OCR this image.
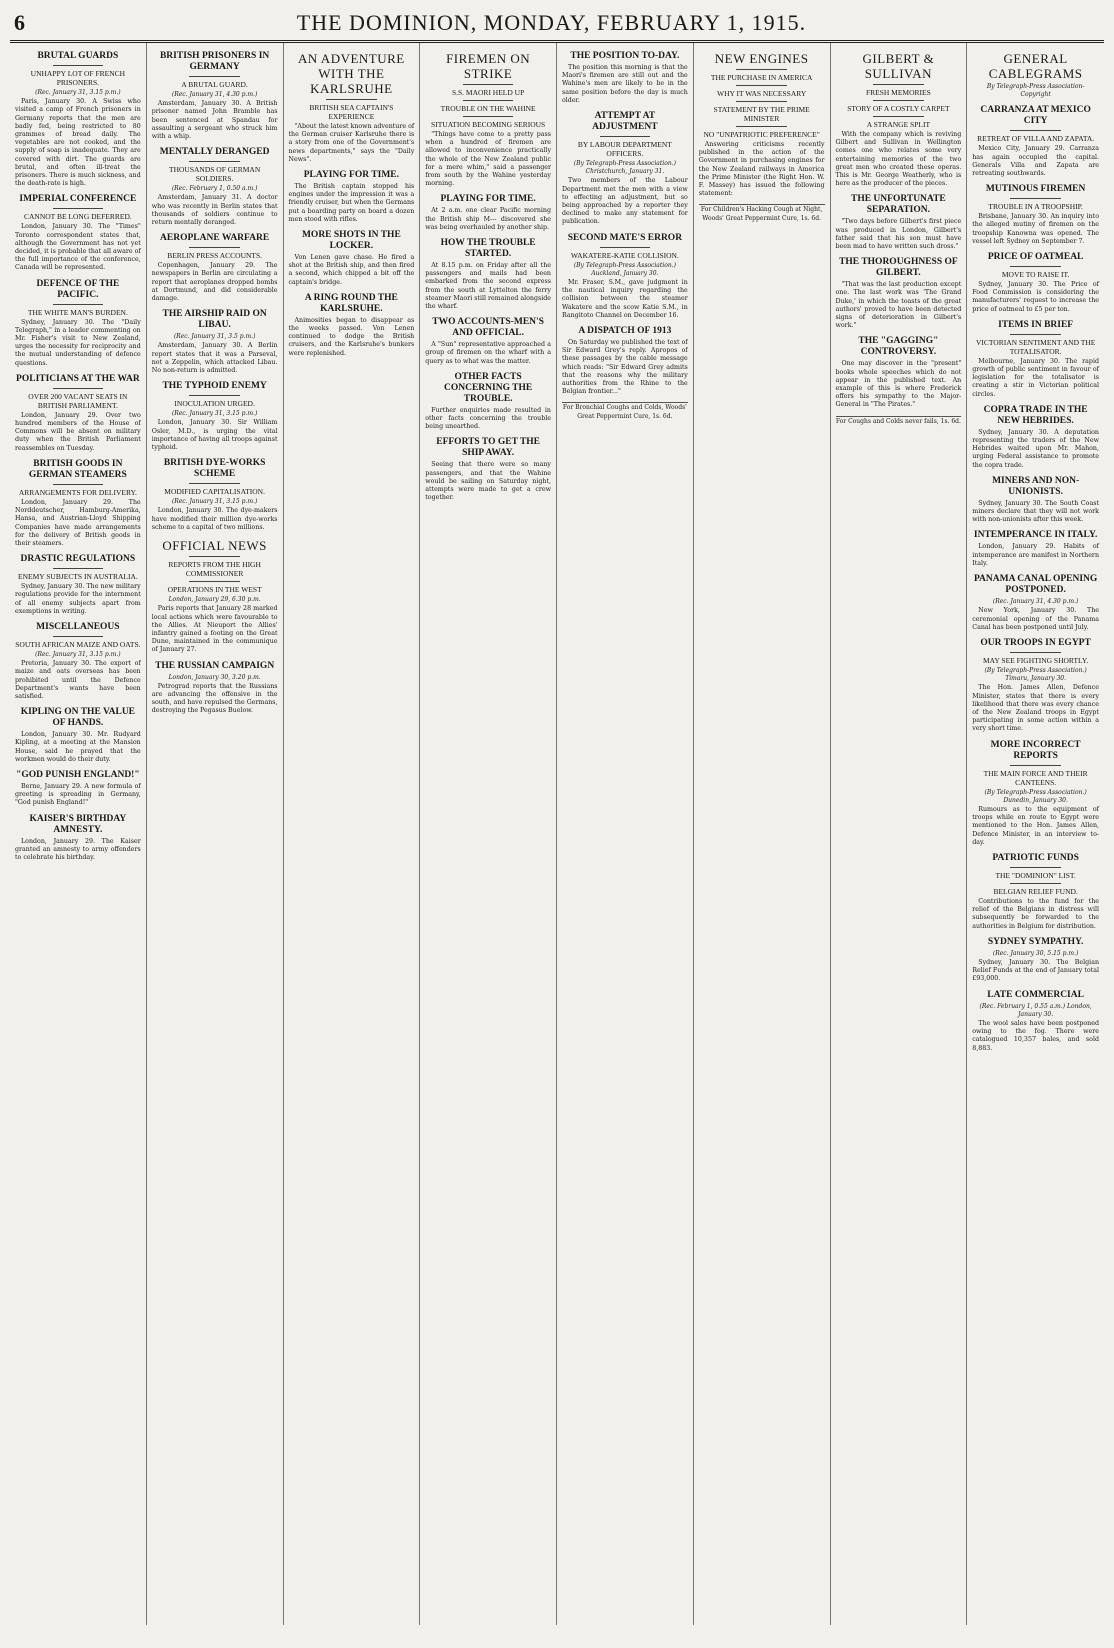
6	THE DOMINION, MONDAY, FEBRUARY 1, 1915.
BRUTAL GUARDS
UNHAPPY LOT OF FRENCH PRISONERS.
(Rec. January 31, 3.15 p.m.)

Paris, January 30. A Swiss who visited a camp of French prisoners in Germany reports that the men are badly fed, being restricted to 80 grammes of bread daily. The vegetables are not cooked, and the supply of soap is inadequate. They are covered with dirt. The guards are brutal, and often ill-treat the prisoners. There is much sickness, and the death-rate is high.

IMPERIAL CONFERENCE
CANNOT BE LONG DEFERRED.

London, January 30. The "Times" Toronto correspondent states that, although the Government has not yet decided, it is probable that all aware of the full importance of the conference, Canada will be represented.

DEFENCE OF THE PACIFIC.
THE WHITE MAN'S BURDEN.

Sydney, January 30. The "Daily Telegraph," in a leader commenting on Mr. Fisher's visit to New Zealand, urges the necessity for reciprocity and the mutual understanding of defence questions.

POLITICIANS AT THE WAR
OVER 200 VACANT SEATS IN BRITISH PARLIAMENT.

London, January 29. Over two hundred members of the House of Commons will be absent on military duty when the British Parliament reassembles on Tuesday.

BRITISH GOODS IN GERMAN STEAMERS
ARRANGEMENTS FOR DELIVERY.

London, January 29. The Norddeutscher, Hamburg-Amerika, Hansa, and Austrian-Lloyd Shipping Companies have made arrangements for the delivery of British goods in their steamers.

DRASTIC REGULATIONS
ENEMY SUBJECTS IN AUSTRALIA.

Sydney, January 30. The new military regulations provide for the internment of all enemy subjects apart from exemptions in writing.

MISCELLANEOUS
SOUTH AFRICAN MAIZE AND OATS.
(Rec. January 31, 3.15 p.m.)

Pretoria, January 30. The export of maize and oats overseas has been prohibited until the Defence Department's wants have been satisfied.

KIPLING ON THE VALUE OF HANDS.

London, January 30. Mr. Rudyard Kipling, at a meeting at the Mansion House, said he prayed that the workmen would do their duty.

"GOD PUNISH ENGLAND!"

Berne, January 29. A new formula of greeting is spreading in Germany, "God punish England!"

KAISER'S BIRTHDAY AMNESTY.

London, January 29. The Kaiser granted an amnesty to army offenders to celebrate his birthday.

BRITISH PRISONERS IN GERMANY
A BRUTAL GUARD.
(Rec. January 31, 4.30 p.m.)

Amsterdam, January 30. A British prisoner named John Bramble has been sentenced at Spandau for assaulting a sergeant who struck him with a whip.

MENTALLY DERANGED
THOUSANDS OF GERMAN SOLDIERS.
(Rec. February 1, 0.50 a.m.)

Amsterdam, January 31. A doctor who was recently in Berlin states that thousands of soldiers continue to return mentally deranged.

AEROPLANE WARFARE
BERLIN PRESS ACCOUNTS.

Copenhagen, January 29. The newspapers in Berlin are circulating a report that aeroplanes dropped bombs at Dortmund, and did considerable damage.

THE AIRSHIP RAID ON LIBAU.
(Rec. January 31, 3.5 p.m.)

Amsterdam, January 30. A Berlin report states that it was a Parseval, not a Zeppelin, which attacked Libau. No non-return is admitted.

THE TYPHOID ENEMY
INOCULATION URGED.
(Rec. January 31, 3.15 p.m.)

London, January 30. Sir William Osler, M.D., is urging the vital importance of having all troops against typhoid.

BRITISH DYE-WORKS SCHEME
MODIFIED CAPITALISATION.
(Rec. January 31, 3.15 p.m.)

London, January 30. The dye-makers have modified their million dye-works scheme to a capital of two millions.

OFFICIAL NEWS
REPORTS FROM THE HIGH COMMISSIONER
OPERATIONS IN THE WEST
London, January 29, 6.30 p.m.

Paris reports that January 28 marked local actions which were favourable to the Allies. At Nieuport the Allies' infantry gained a footing on the Great Dune, maintained in the communique of January 27.

THE RUSSIAN CAMPAIGN
London, January 30, 3.20 p.m.

Petrograd reports that the Russians are advancing the offensive in the south, and have repulsed the Germans, destroying the Pegasus Buelow.

AN ADVENTURE WITH THE KARLSRUHE
BRITISH SEA CAPTAIN'S EXPERIENCE

"About the latest known adventure of the German cruiser Karlsruhe there is a story from one of the Government's news departments," says the "Daily News".

PLAYING FOR TIME.

The British captain stopped his engines under the impression it was a friendly cruiser, but when the Germans put a boarding party on board a dozen men stood with rifles.

MORE SHOTS IN THE LOCKER.

Von Lenen gave chase. He fired a shot at the British ship, and then fired a second, which chipped a bit off the captain's bridge.

A RING ROUND THE KARLSRUHE.

Animosities began to disappear as the weeks passed. Von Lenen continued to dodge the British cruisers, and the Karlsruhe's bunkers were replenished.

FIREMEN ON STRIKE
S.S. MAORI HELD UP
TROUBLE ON THE WAHINE
SITUATION BECOMING SERIOUS

"Things have come to a pretty pass when a hundred of firemen are allowed to inconvenience practically the whole of the New Zealand public for a mere whim," said a passenger from south by the Wahine yesterday morning.

PLAYING FOR TIME.

At 2 a.m. one clear Pacific morning the British ship M--- discovered she was being overhauled by another ship.

HOW THE TROUBLE STARTED.

At 8.15 p.m. on Friday after all the passengers and mails had been embarked from the second express from the south at Lyttelton the ferry steamer Maori still remained alongside the wharf.

TWO ACCOUNTS-MEN'S AND OFFICIAL.

A "Sun" representative approached a group of firemen on the wharf with a query as to what was the matter.

OTHER FACTS CONCERNING THE TROUBLE.

Further enquiries made resulted in other facts concerning the trouble being unearthed.

EFFORTS TO GET THE SHIP AWAY.

Seeing that there were so many passengers, and that the Wahine would be sailing on Saturday night, attempts were made to get a crew together.

THE POSITION TO-DAY.

The position this morning is that the Maori's firemen are still out and the Wahine's men are likely to be in the same position before the day is much older.

ATTEMPT AT ADJUSTMENT
BY LABOUR DEPARTMENT OFFICERS.
(By Telegraph-Press Association.) Christchurch, January 31.

Two members of the Labour Department met the men with a view to effecting an adjustment, but so being approached by a reporter they declined to make any statement for publication.

SECOND MATE'S ERROR
WAKATERE-KATIE COLLISION.
(By Telegraph-Press Association.) Auckland, January 30.

Mr. Fraser, S.M., gave judgment in the nautical inquiry regarding the collision between the steamer Wakatere and the scow Katie S.M., in Rangitoto Channel on December 16.

A DISPATCH OF 1913

On Saturday we published the text of Sir Edward Grey's reply. Apropos of these passages by the cable message which reads: "Sir Edward Grey admits that the reasons why the military authorities from the Rhine to the Belgian frontier..."

For Bronchial Coughs and Colds, Woods' Great Peppermint Cure, 1s. 6d.
NEW ENGINES
THE PURCHASE IN AMERICA
WHY IT WAS NECESSARY
STATEMENT BY THE PRIME MINISTER
NO "UNPATRIOTIC PREFERENCE"

Answering criticisms recently published in the action of the Government in purchasing engines for the New Zealand railways in America the Prime Minister (the Right Hon. W. F. Massey) has issued the following statement:

For Children's Hacking Cough at Night, Woods' Great Peppermint Cure, 1s. 6d.
GILBERT & SULLIVAN
FRESH MEMORIES
STORY OF A COSTLY CARPET
A STRANGE SPLIT

With the company which is reviving Gilbert and Sullivan in Wellington comes one who relates some very entertaining memories of the two great men who created these operas. This is Mr. George Weatherly, who is here as the producer of the pieces.

THE UNFORTUNATE SEPARATION.

"Two days before Gilbert's first piece was produced in London, Gilbert's father said that his son must have been mad to have written such dross."

THE THOROUGHNESS OF GILBERT.

"That was the last production except one. The last work was 'The Grand Duke,' in which the toasts of the great authors' proved to have been detected signs of deterioration in Gilbert's work."

THE "GAGGING" CONTROVERSY.

One may discover in the "present" books whole speeches which do not appear in the published text. An example of this is where Frederick offers his sympathy to the Major-General in "The Pirates."

For Coughs and Colds never fails, 1s. 6d.
GENERAL CABLEGRAMS
By Telegraph-Press Association-Copyright
CARRANZA AT MEXICO CITY
RETREAT OF VILLA AND ZAPATA.

Mexico City, January 29. Carranza has again occupied the capital. Generals Villa and Zapata are retreating southwards.

MUTINOUS FIREMEN
TROUBLE IN A TROOPSHIP.

Brisbane, January 30. An inquiry into the alleged mutiny of firemen on the troopship Kanowna was opened. The vessel left Sydney on September 7.

PRICE OF OATMEAL
MOVE TO RAISE IT.

Sydney, January 30. The Price of Food Commission is considering the manufacturers' request to increase the price of oatmeal to £5 per ton.

ITEMS IN BRIEF
VICTORIAN SENTIMENT AND THE TOTALISATOR.

Melbourne, January 30. The rapid growth of public sentiment in favour of legislation for the totalisator is creating a stir in Victorian political circles.

COPRA TRADE IN THE NEW HEBRIDES.

Sydney, January 30. A deputation representing the traders of the New Hebrides waited upon Mr. Mahon, urging Federal assistance to promote the copra trade.

MINERS AND NON-UNIONISTS.

Sydney, January 30. The South Coast miners declare that they will not work with non-unionists after this week.

INTEMPERANCE IN ITALY.

London, January 29. Habits of intemperance are manifest in Northern Italy.

PANAMA CANAL OPENING POSTPONED.
(Rec. January 31, 4.30 p.m.)

New York, January 30. The ceremonial opening of the Panama Canal has been postponed until July.

OUR TROOPS IN EGYPT
MAY SEE FIGHTING SHORTLY.
(By Telegraph-Press Association.) Timaru, January 30.

The Hon. James Allen, Defence Minister, states that there is every likelihood that there was every chance of the New Zealand troops in Egypt participating in some action within a very short time.

MORE INCORRECT REPORTS
THE MAIN FORCE AND THEIR CANTEENS.
(By Telegraph-Press Association.) Dunedin, January 30.

Rumours as to the equipment of troops while en route to Egypt were mentioned to the Hon. James Allen, Defence Minister, in an interview to-day.

PATRIOTIC FUNDS
THE "DOMINION" LIST.
BELGIAN RELIEF FUND.

Contributions to the fund for the relief of the Belgians in distress will subsequently be forwarded to the authorities in Belgium for distribution.

SYDNEY SYMPATHY.
(Rec. January 30, 5.15 p.m.)

Sydney, January 30. The Belgian Relief Funds at the end of January total £93,000.

LATE COMMERCIAL
(Rec. February 1, 0.55 a.m.) London, January 30.

The wool sales have been postponed owing to the fog. There were catalogued 10,357 bales, and sold 8,883.
